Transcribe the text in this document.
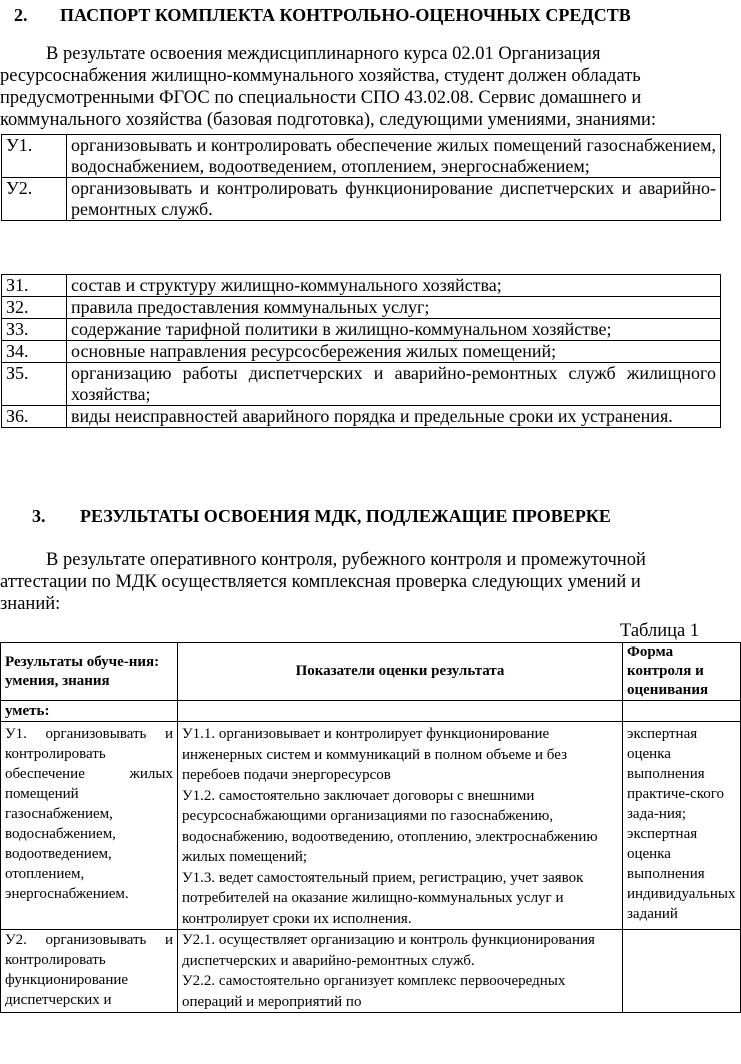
2. ПАСПОРТ КОМПЛЕКТА КОНТРОЛЬНО-ОЦЕНОЧНЫХ СРЕДСТВ
В результате освоения междисциплинарного курса 02.01 Организация
ресурсоснабжения жилищно-коммунального хозяйства, студент должен обладать
предусмотренными ФГОС по специальности СПО 43.02.08. Сервис домашнего и
коммунального хозяйства (базовая подготовка), следующими умениями, знаниями:
У1.	организовывать и контролировать обеспечение жилых помещений газоснабжением, водоснабжением, водоотведением, отоплением, энергоснабжением;
У2.	организовывать и контролировать функционирование диспетчерских и аварийно-ремонтных служб.
З1.	состав и структуру жилищно-коммунального хозяйства;
З2.	правила предоставления коммунальных услуг;
З3.	содержание тарифной политики в жилищно-коммунальном хозяйстве;
З4.	основные направления ресурсосбережения жилых помещений;
З5.	организацию работы диспетчерских и аварийно-ремонтных служб жилищного хозяйства;
З6.	виды неисправностей аварийного порядка и предельные сроки их устранения.
3. РЕЗУЛЬТАТЫ ОСВОЕНИЯ МДК, ПОДЛЕЖАЩИЕ ПРОВЕРКЕ
В результате оперативного контроля, рубежного контроля и промежуточной
аттестации по МДК осуществляется комплексная проверка следующих умений и
знаний:
Таблица 1
Результаты обуче-ния: умения, знания	Показатели оценки результата	Форма контроля и оценивания
уметь:		
У1. организовывать и контролировать обеспечение жилых помещений газоснабжением, водоснабжением, водоотведением, отоплением, энергоснабжением.	У1.1. организовывает и контролирует функционирование инженерных систем и коммуникаций в полном объеме и без перебоев подачи энергоресурсов
У1.2. самостоятельно заключает договоры с внешними ресурсоснабжающими организациями по газоснабжению, водоснабжению, водоотведению, отоплению, электроснабжению жилых помещений;
У1.3. ведет самостоятельный прием, регистрацию, учет заявок потребителей на оказание жилищно-коммунальных услуг и контролирует сроки их исполнения.	экспертная оценка выполнения практиче-ского зада-ния; экспертная оценка выполнения индивидуальных заданий
У2. организовывать и контролировать функционирование диспетчерских и	У2.1. осуществляет организацию и контроль функционирования диспетчерских и аварийно-ремонтных служб.
У2.2. самостоятельно организует комплекс первоочередных операций и мероприятий по	
